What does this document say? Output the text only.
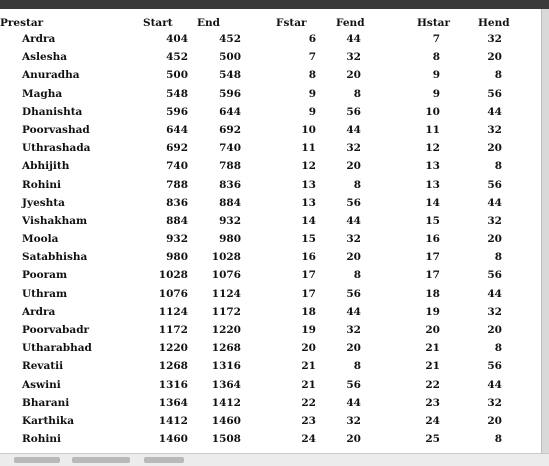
Prestar	Start End	Fstar	Fend	Hstar	Hend
Ardra	404	452	6	44	7	32
Aslesha	452	500	7	32	8	20
Anuradha	500	548	8	20	9	8
Magha	548	596	9	8	9	56
Dhanishta	596	644	9	56	10	44
Poorvashad	644	692	10	44	11	32
Uthrashada	692	740	11	32	12	20
Abhijith	740	788	12	20	13	8
Rohini	788	836	13	8	13	56
Jyeshta	836	884	13	56	14	44
Vishakham	884	932	14	44	15	32
Moola	932	980	15	32	16	20
Satabhisha	980	1028	16	20	17	8
Pooram	1028	1076	17	8	17	56
Uthram	1076	1124	17	56	18	44
Ardra	1124	1172	18	44	19	32
Poorvabadr	1172	1220	19	32	20	20
Utharabhad	1220	1268	20	20	21	8
Revatii	1268	1316	21	8	21	56
Aswini	1316	1364	21	56	22	44
Bharani	1364	1412	22	44	23	32
Karthika	1412	1460	23	32	24	20
Rohini	1460	1508	24	20	25	8
